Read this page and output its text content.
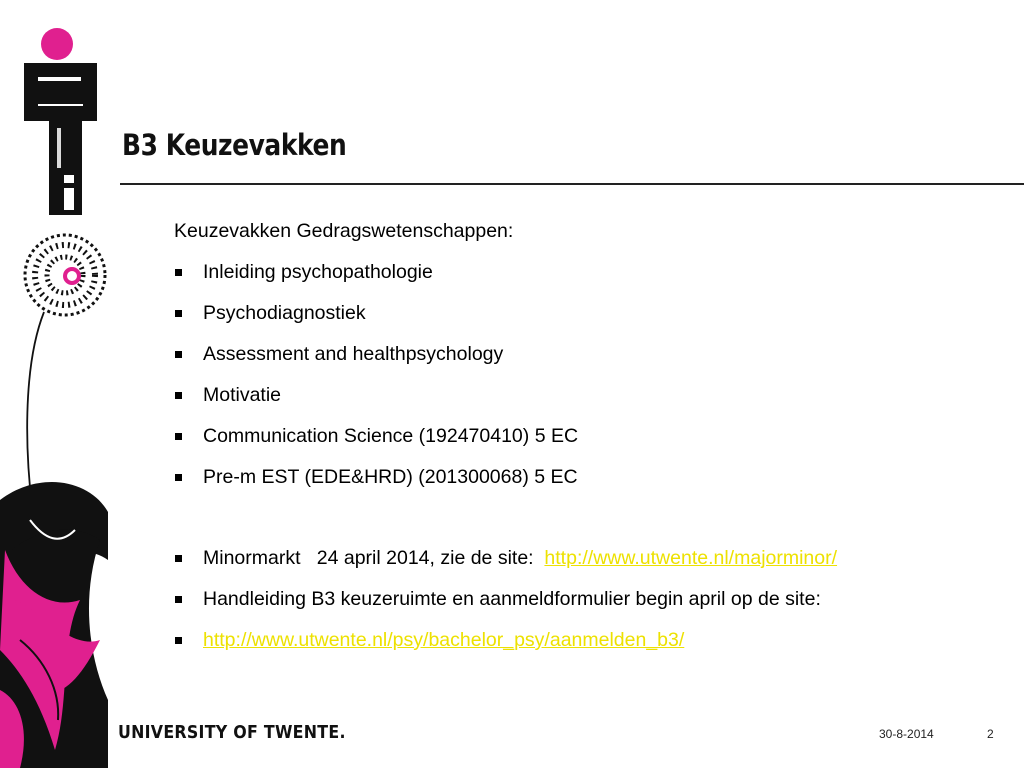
B3 Keuzevakken
Keuzevakken Gedragswetenschappen:
Inleiding psychopathologie
Psychodiagnostiek
Assessment and healthpsychology
Motivatie
Communication Science (192470410) 5 EC
Pre-m EST (EDE&HRD) (201300068) 5 EC
Minormarkt   24 april 2014, zie de site:  http://www.utwente.nl/majorminor/
Handleiding B3 keuzeruimte en aanmeldformulier begin april op de site:
http://www.utwente.nl/psy/bachelor_psy/aanmelden_b3/
UNIVERSITY OF TWENTE.	30-8-2014	2
